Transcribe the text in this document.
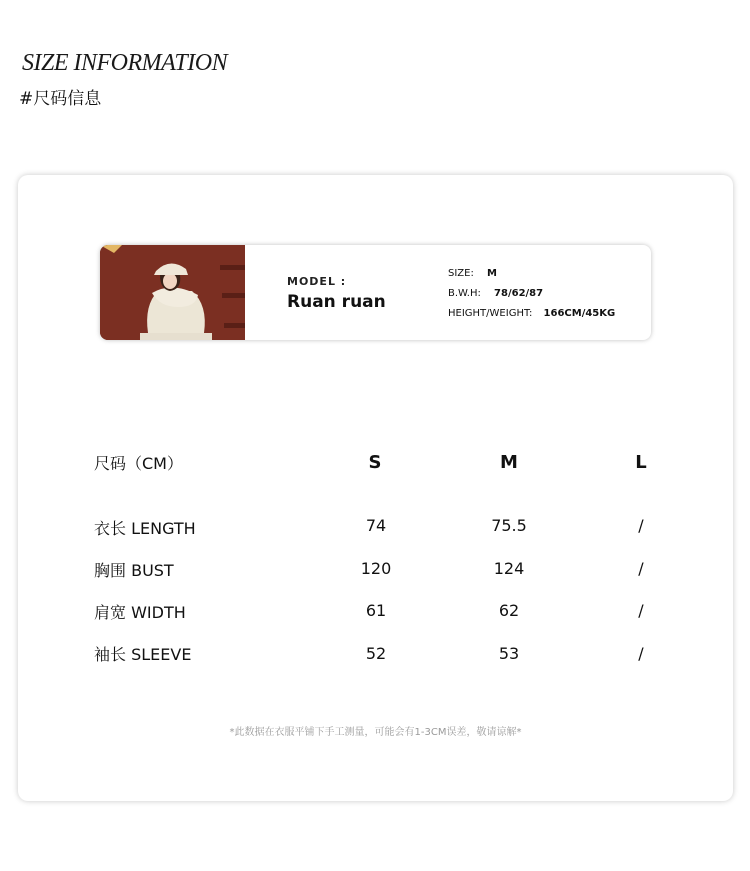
SIZE INFORMATION
#尺码信息
MODEL :
Ruan ruan
SIZE: M
B.W.H: 78/62/87
HEIGHT/WEIGHT: 166CM/45KG
尺码（CM）	S	M	L
衣长 LENGTH	74	75.5	/
胸围 BUST	120	124	/
肩宽 WIDTH	61	62	/
袖长 SLEEVE	52	53	/
*此数据在衣服平铺下手工测量，可能会有1-3CM误差，敬请谅解*
